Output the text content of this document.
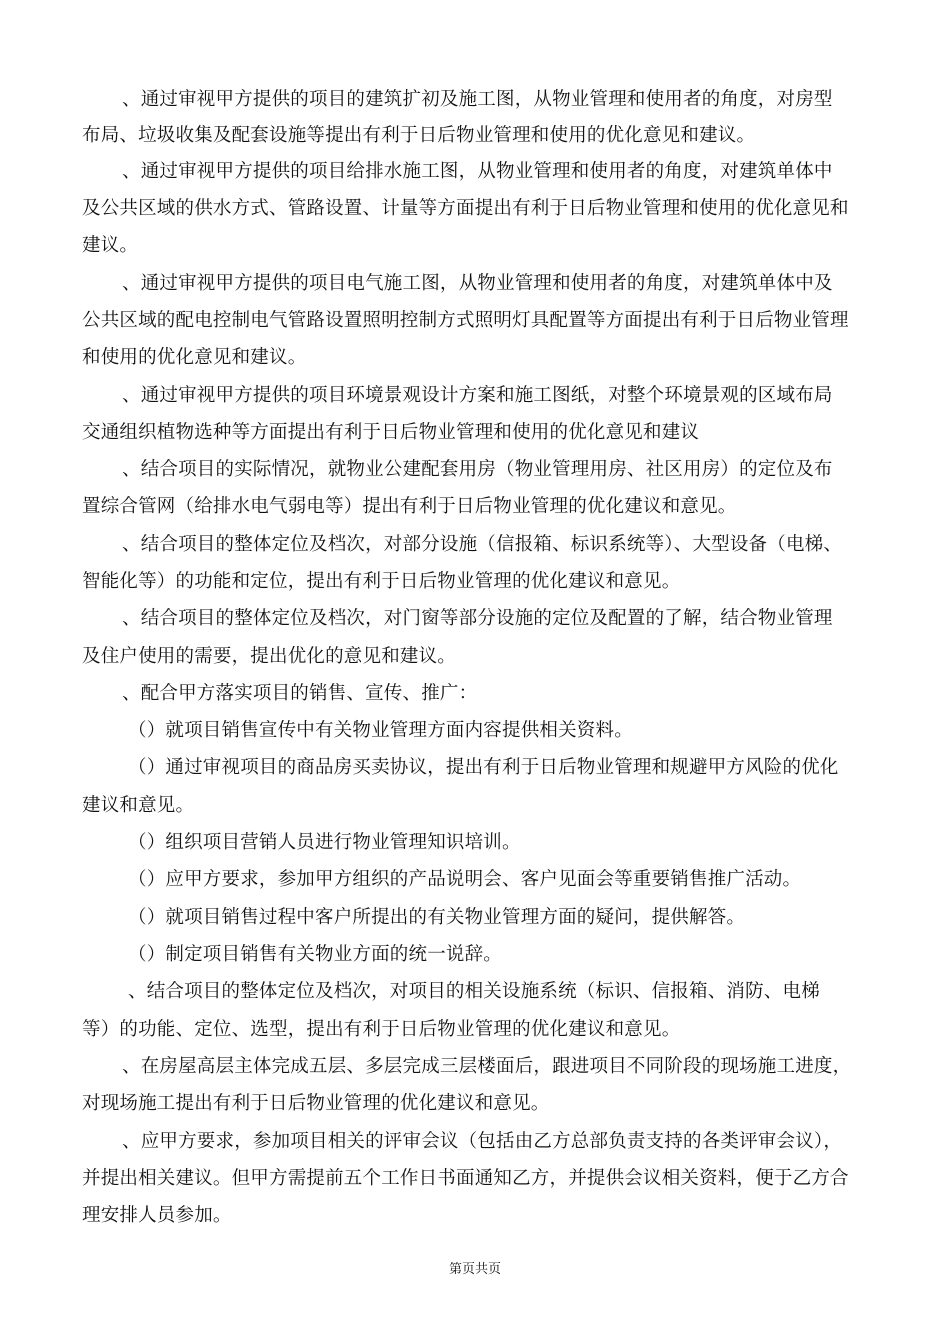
、通过审视甲方提供的项目的建筑扩初及施工图，从物业管理和使用者的角度，对房型
布局、垃圾收集及配套设施等提出有利于日后物业管理和使用的优化意见和建议。
、通过审视甲方提供的项目给排水施工图，从物业管理和使用者的角度，对建筑单体中
及公共区域的供水方式、管路设置、计量等方面提出有利于日后物业管理和使用的优化意见和
建议。
、通过审视甲方提供的项目电气施工图，从物业管理和使用者的角度，对建筑单体中及
公共区域的配电控制电气管路设置照明控制方式照明灯具配置等方面提出有利于日后物业管理
和使用的优化意见和建议。
、通过审视甲方提供的项目环境景观设计方案和施工图纸，对整个环境景观的区域布局
交通组织植物选种等方面提出有利于日后物业管理和使用的优化意见和建议
、结合项目的实际情况，就物业公建配套用房（物业管理用房、社区用房）的定位及布
置综合管网（给排水电气弱电等）提出有利于日后物业管理的优化建议和意见。
、结合项目的整体定位及档次，对部分设施（信报箱、标识系统等）、大型设备（电梯、
智能化等）的功能和定位，提出有利于日后物业管理的优化建议和意见。
、结合项目的整体定位及档次，对门窗等部分设施的定位及配置的了解，结合物业管理
及住户使用的需要，提出优化的意见和建议。
、配合甲方落实项目的销售、宣传、推广：
（）就项目销售宣传中有关物业管理方面内容提供相关资料。
（）通过审视项目的商品房买卖协议，提出有利于日后物业管理和规避甲方风险的优化
建议和意见。
（）组织项目营销人员进行物业管理知识培训。
（）应甲方要求，参加甲方组织的产品说明会、客户见面会等重要销售推广活动。
（）就项目销售过程中客户所提出的有关物业管理方面的疑问，提供解答。
（）制定项目销售有关物业方面的统一说辞。
、结合项目的整体定位及档次，对项目的相关设施系统（标识、信报箱、消防、电梯
等）的功能、定位、选型，提出有利于日后物业管理的优化建议和意见。
、在房屋高层主体完成五层、多层完成三层楼面后，跟进项目不同阶段的现场施工进度，
对现场施工提出有利于日后物业管理的优化建议和意见。
、应甲方要求，参加项目相关的评审会议（包括由乙方总部负责支持的各类评审会议），
并提出相关建议。但甲方需提前五个工作日书面通知乙方，并提供会议相关资料，便于乙方合
理安排人员参加。
第页共页
